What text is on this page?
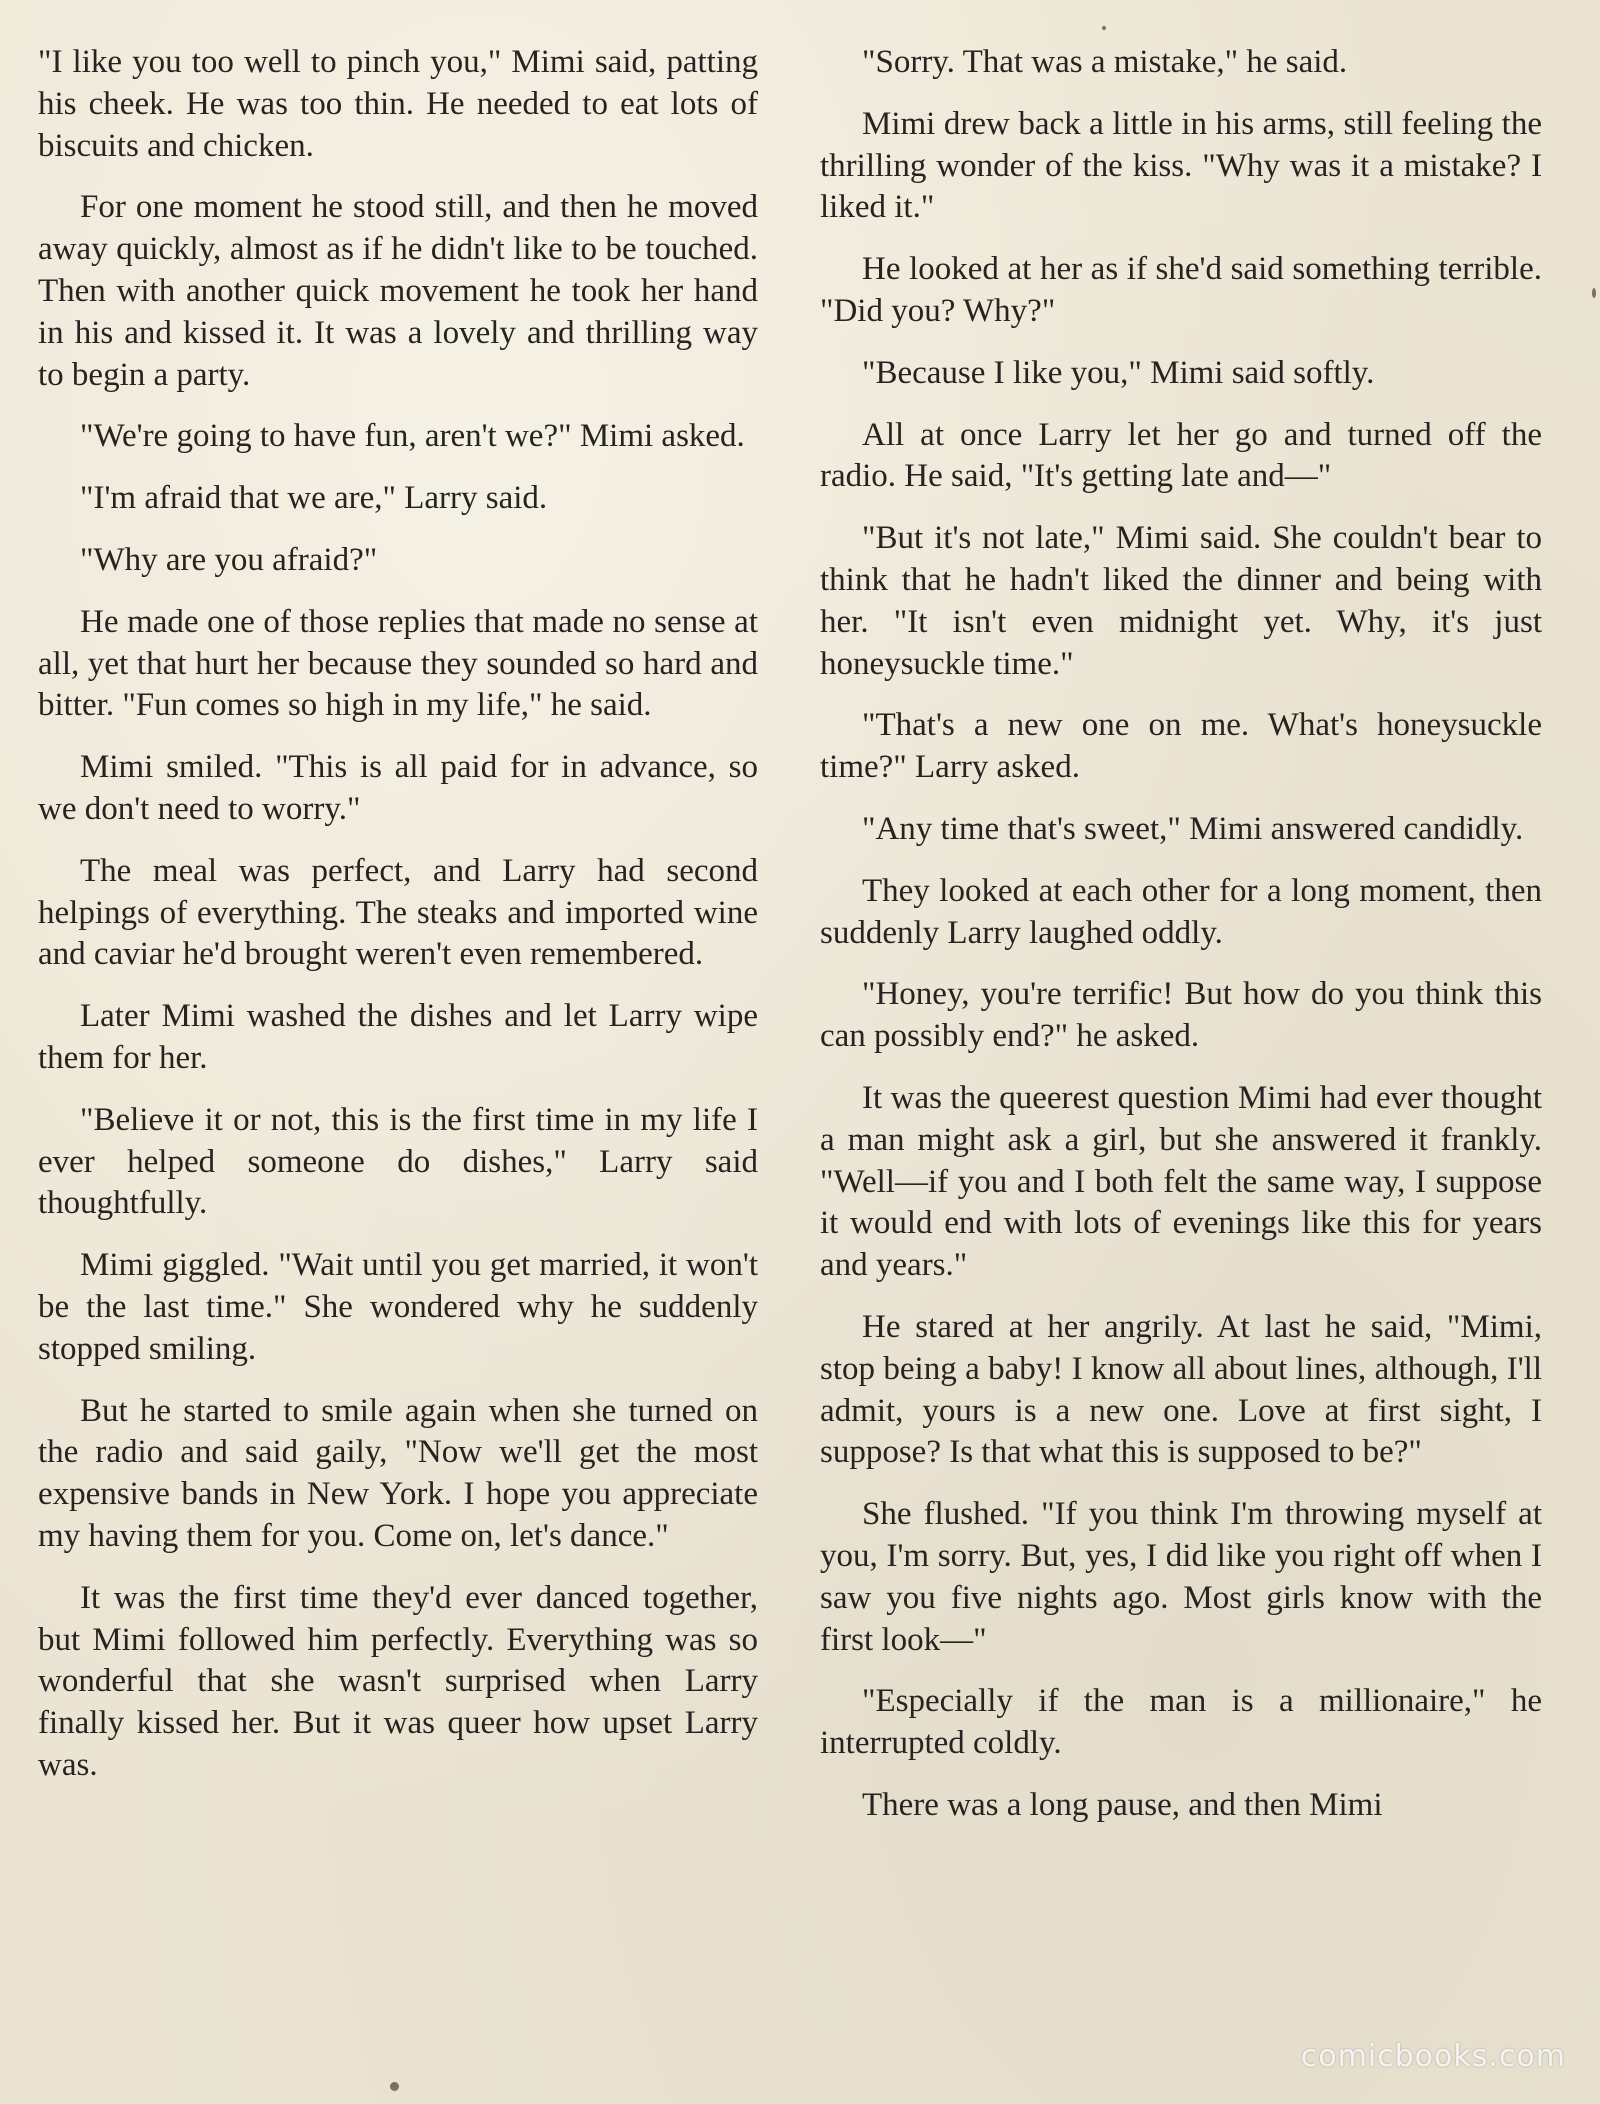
"I like you too well to pinch you," Mimi said, patting his cheek. He was too thin. He needed to eat lots of biscuits and chicken.

For one moment he stood still, and then he moved away quickly, almost as if he didn't like to be touched. Then with another quick movement he took her hand in his and kissed it. It was a lovely and thrilling way to begin a party.

"We're going to have fun, aren't we?" Mimi asked.

"I'm afraid that we are," Larry said.

"Why are you afraid?"

He made one of those replies that made no sense at all, yet that hurt her because they sounded so hard and bitter. "Fun comes so high in my life," he said.

Mimi smiled. "This is all paid for in advance, so we don't need to worry."

The meal was perfect, and Larry had second helpings of everything. The steaks and imported wine and caviar he'd brought weren't even remembered.

Later Mimi washed the dishes and let Larry wipe them for her.

"Believe it or not, this is the first time in my life I ever helped someone do dishes," Larry said thoughtfully.

Mimi giggled. "Wait until you get married, it won't be the last time." She wondered why he suddenly stopped smiling.

But he started to smile again when she turned on the radio and said gaily, "Now we'll get the most expensive bands in New York. I hope you appreciate my having them for you. Come on, let's dance."

It was the first time they'd ever danced together, but Mimi followed him perfectly. Everything was so wonderful that she wasn't surprised when Larry finally kissed her. But it was queer how upset Larry was.

"Sorry. That was a mistake," he said.

Mimi drew back a little in his arms, still feeling the thrilling wonder of the kiss. "Why was it a mistake? I liked it."

He looked at her as if she'd said something terrible. "Did you? Why?"

"Because I like you," Mimi said softly.

All at once Larry let her go and turned off the radio. He said, "It's getting late and—"

"But it's not late," Mimi said. She couldn't bear to think that he hadn't liked the dinner and being with her. "It isn't even midnight yet. Why, it's just honeysuckle time."

"That's a new one on me. What's honeysuckle time?" Larry asked.

"Any time that's sweet," Mimi answered candidly.

They looked at each other for a long moment, then suddenly Larry laughed oddly.

"Honey, you're terrific! But how do you think this can possibly end?" he asked.

It was the queerest question Mimi had ever thought a man might ask a girl, but she answered it frankly. "Well—if you and I both felt the same way, I suppose it would end with lots of evenings like this for years and years."

He stared at her angrily. At last he said, "Mimi, stop being a baby! I know all about lines, although, I'll admit, yours is a new one. Love at first sight, I suppose? Is that what this is supposed to be?"

She flushed. "If you think I'm throwing myself at you, I'm sorry. But, yes, I did like you right off when I saw you five nights ago. Most girls know with the first look—"

"Especially if the man is a millionaire," he interrupted coldly.

There was a long pause, and then Mimi

comicbooks.com
